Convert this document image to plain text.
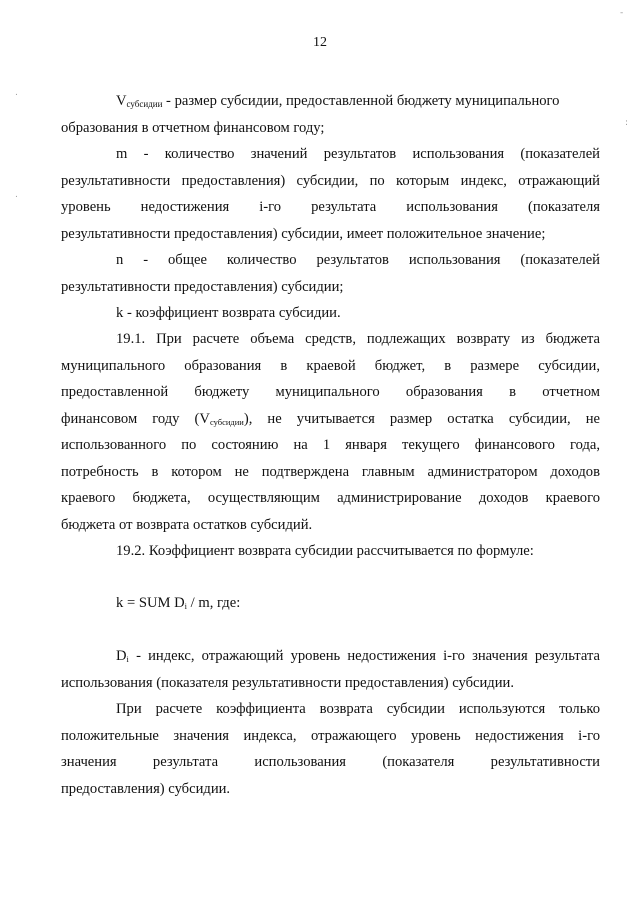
12
$V_{субсидии}$ - размер субсидии, предоставленной бюджету муниципального
образования в отчетном финансовом году;
m - количество значений результатов использования (показателей
результативности предоставления) субсидии, по которым индекс, отражающий
уровень недостижения i-го результата использования (показателя
результативности предоставления) субсидии, имеет положительное значение;
n - общее количество результатов использования (показателей
результативности предоставления) субсидии;
k - коэффициент возврата субсидии.
19.1. При расчете объема средств, подлежащих возврату из бюджета
муниципального образования в краевой бюджет, в размере субсидии,
предоставленной бюджету муниципального образования в отчетном
финансовом году $(V_{субсидии})$, не учитывается размер остатка субсидии, не
использованного по состоянию на 1 января текущего финансового года,
потребность в котором не подтверждена главным администратором доходов
краевого бюджета, осуществляющим администрирование доходов краевого
бюджета от возврата остатков субсидий.
19.2. Коэффициент возврата субсидии рассчитывается по формуле:
k = SUM $D_i$ / m, где:
$D_i$ - индекс, отражающий уровень недостижения i-го значения результата
использования (показателя результативности предоставления) субсидии.
При расчете коэффициента возврата субсидии используются только
положительные значения индекса, отражающего уровень недостижения i-го
значения результата использования (показателя результативности
предоставления) субсидии.
.
.
:
-
